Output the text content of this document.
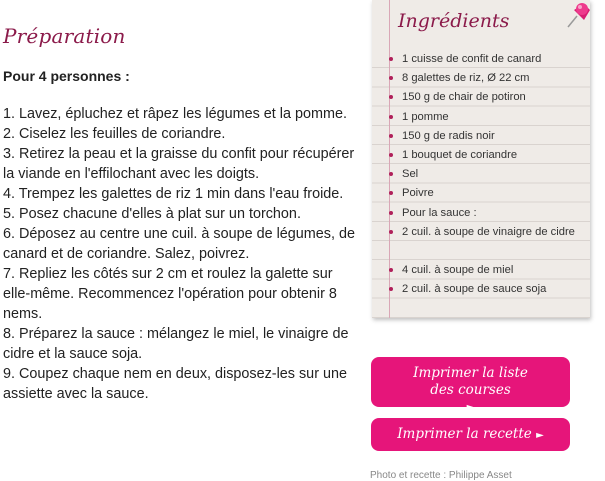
Préparation
Pour 4 personnes :
1. Lavez, épluchez et râpez les légumes et la pomme.
2. Ciselez les feuilles de coriandre.
3. Retirez la peau et la graisse du confit pour récupérer la viande en l'effilochant avec les doigts.
4. Trempez les galettes de riz 1 min dans l'eau froide.
5. Posez chacune d'elles à plat sur un torchon.
6. Déposez au centre une cuil. à soupe de légumes, de canard et de coriandre. Salez, poivrez.
7. Repliez les côtés sur 2 cm et roulez la galette sur elle-même. Recommencez l'opération pour obtenir 8 nems.
8. Préparez la sauce : mélangez le miel, le vinaigre de cidre et la sauce soja.
9. Coupez chaque nem en deux, disposez-les sur une assiette avec la sauce.
Ingrédients
1 cuisse de confit de canard
8 galettes de riz, Ø 22 cm
150 g de chair de potiron
1 pomme
150 g de radis noir
1 bouquet de coriandre
Sel
Poivre
Pour la sauce :
2 cuil. à soupe de vinaigre de cidre
4 cuil. à soupe de miel
2 cuil. à soupe de sauce soja
Imprimer la liste
des courses
►
Imprimer la recette ►
Photo et recette : Philippe Asset
